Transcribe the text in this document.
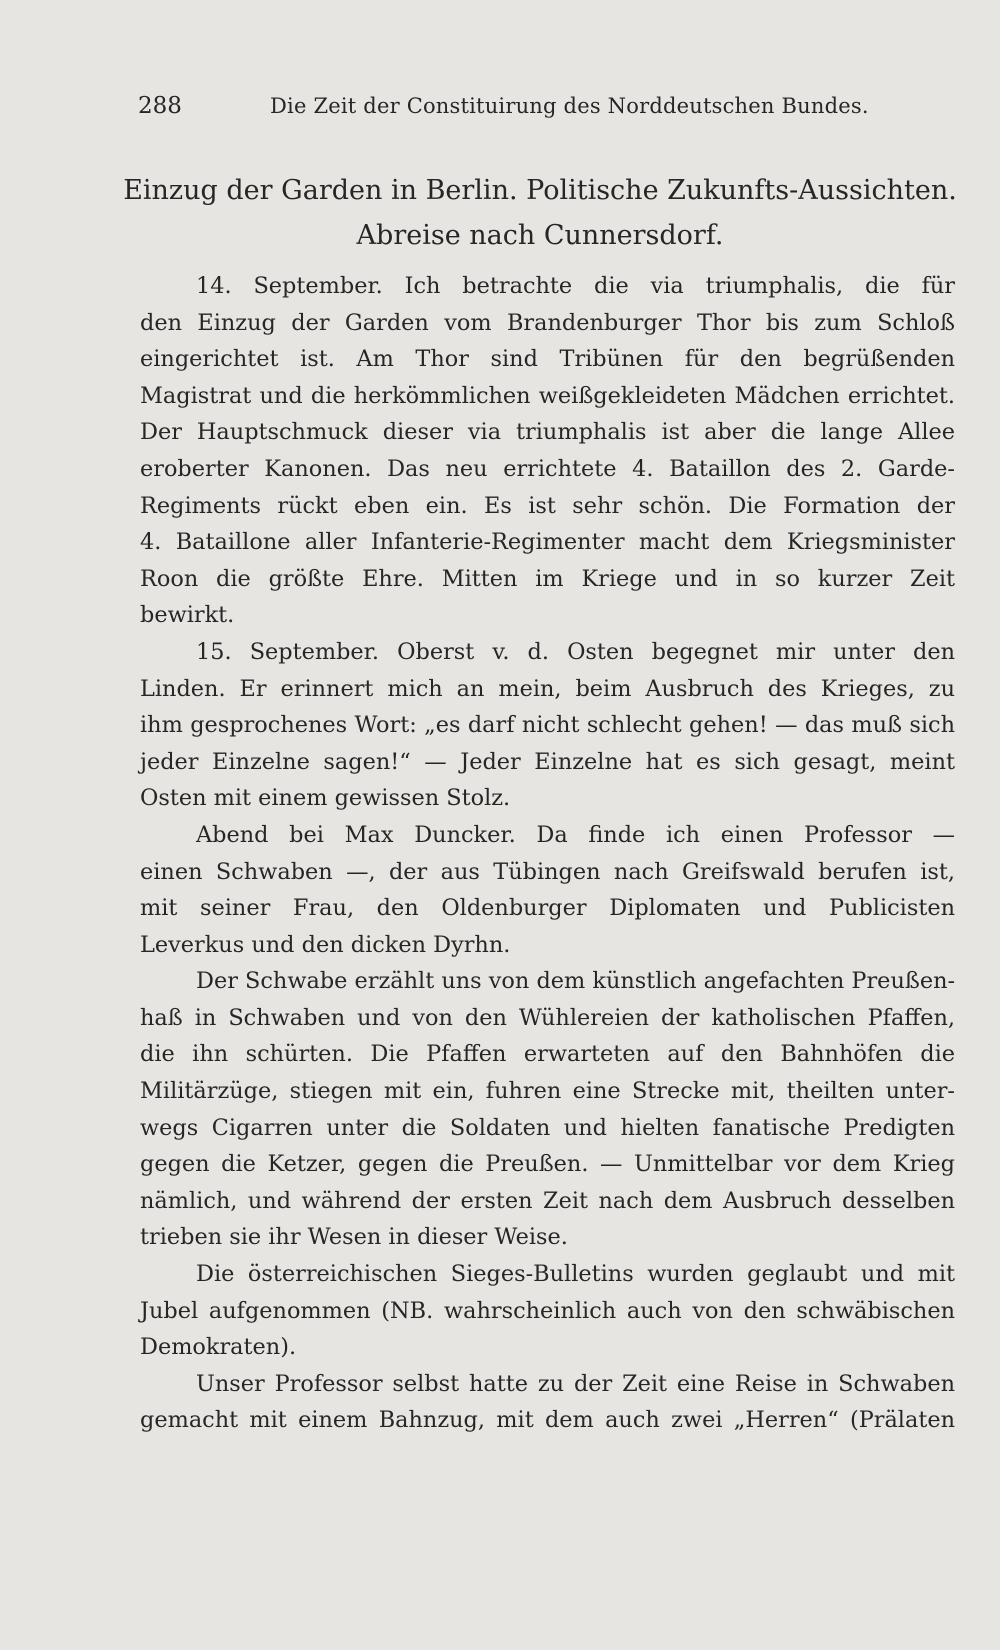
288	Die Zeit der Constituirung des Norddeutschen Bundes.
Einzug der Garden in Berlin. Politische Zukunfts-Aussichten.
Abreise nach Cunnersdorf.

14. September. Ich betrachte die via triumphalis, die für
den Einzug der Garden vom Brandenburger Thor bis zum Schloß
eingerichtet ist. Am Thor sind Tribünen für den begrüßenden
Magistrat und die herkömmlichen weißgekleideten Mädchen errichtet.
Der Hauptschmuck dieser via triumphalis ist aber die lange Allee
eroberter Kanonen. Das neu errichtete 4. Bataillon des 2. Garde-
Regiments rückt eben ein. Es ist sehr schön. Die Formation der
4. Bataillone aller Infanterie-Regimenter macht dem Kriegsminister
Roon die größte Ehre. Mitten im Kriege und in so kurzer Zeit
bewirkt.

15. September. Oberst v. d. Osten begegnet mir unter den
Linden. Er erinnert mich an mein, beim Ausbruch des Krieges, zu
ihm gesprochenes Wort: „es darf nicht schlecht gehen! — das muß sich
jeder Einzelne sagen!“ — Jeder Einzelne hat es sich gesagt, meint
Osten mit einem gewissen Stolz.

Abend bei Max Duncker. Da finde ich einen Professor —
einen Schwaben —, der aus Tübingen nach Greifswald berufen ist,
mit seiner Frau, den Oldenburger Diplomaten und Publicisten
Leverkus und den dicken Dyrhn.

Der Schwabe erzählt uns von dem künstlich angefachten Preußen-
haß in Schwaben und von den Wühlereien der katholischen Pfaffen,
die ihn schürten. Die Pfaffen erwarteten auf den Bahnhöfen die
Militärzüge, stiegen mit ein, fuhren eine Strecke mit, theilten unter-
wegs Cigarren unter die Soldaten und hielten fanatische Predigten
gegen die Ketzer, gegen die Preußen. — Unmittelbar vor dem Krieg
nämlich, und während der ersten Zeit nach dem Ausbruch desselben
trieben sie ihr Wesen in dieser Weise.

Die österreichischen Sieges-Bulletins wurden geglaubt und mit
Jubel aufgenommen (NB. wahrscheinlich auch von den schwäbischen
Demokraten).

Unser Professor selbst hatte zu der Zeit eine Reise in Schwaben
gemacht mit einem Bahnzug, mit dem auch zwei „Herren“ (Prälaten
